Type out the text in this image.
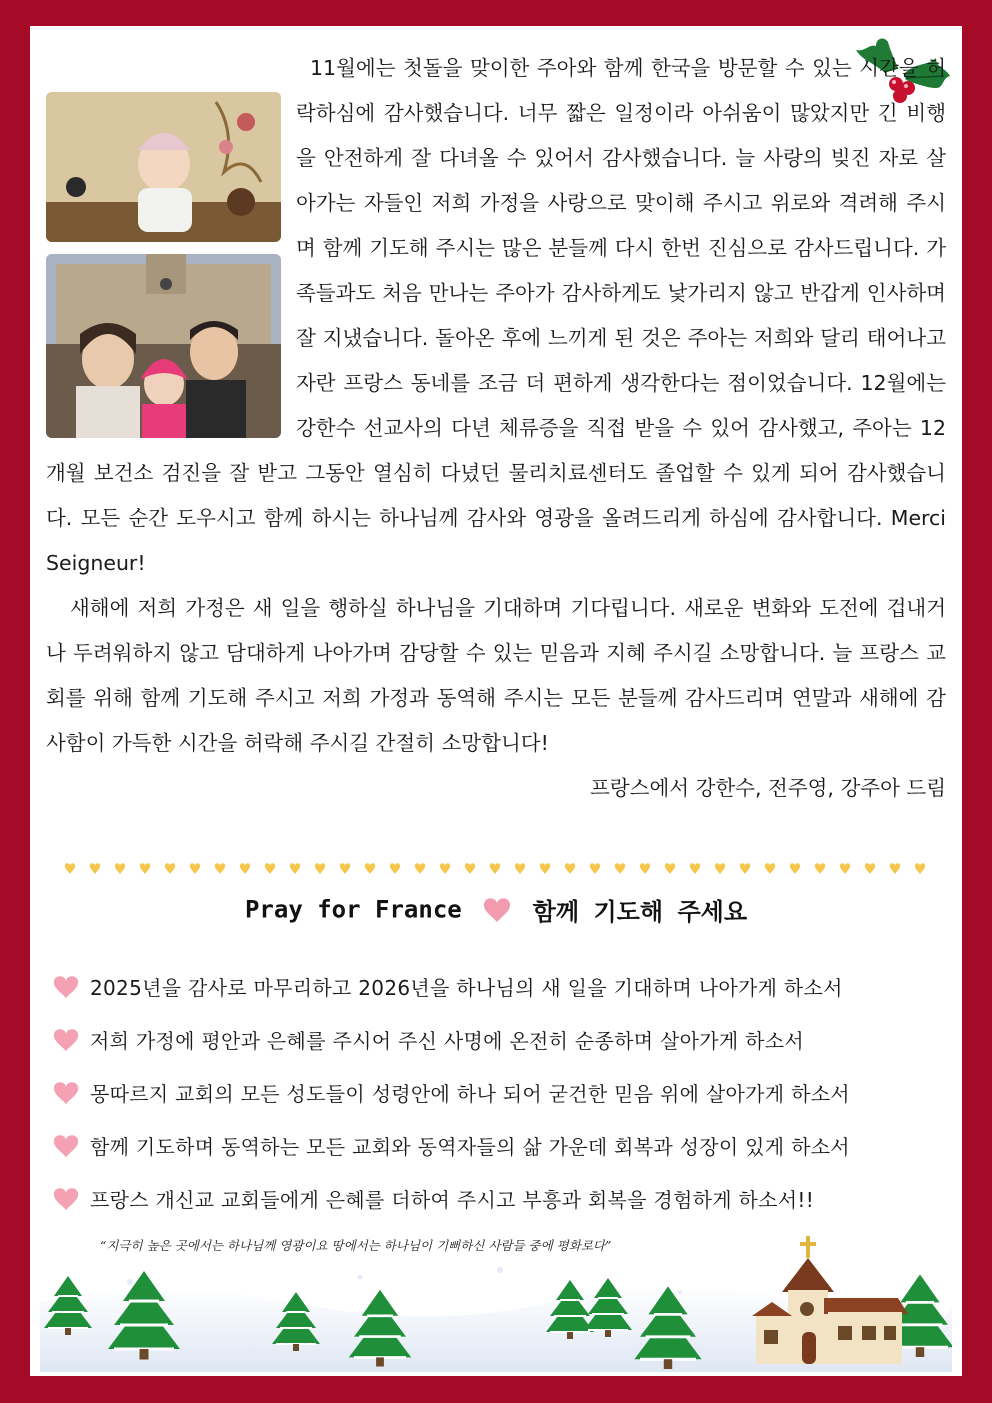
11월에는 첫돌을 맞이한 주아와 함께 한국을 방문할 수 있는 시간을 허락하심에 감사했습니다. 너무 짧은 일정이라 아쉬움이 많았지만 긴 비행을 안전하게 잘 다녀올 수 있어서 감사했습니다. 늘 사랑의 빚진 자로 살아가는 자들인 저희 가정을 사랑으로 맞이해 주시고 위로와 격려해 주시며 함께 기도해 주시는 많은 분들께 다시 한번 진심으로 감사드립니다. 가족들과도 처음 만나는 주아가 감사하게도 낯가리지 않고 반갑게 인사하며 잘 지냈습니다. 돌아온 후에 느끼게 된 것은 주아는 저희와 달리 태어나고 자란 프랑스 동네를 조금 더 편하게 생각한다는 점이었습니다. 12월에는 강한수 선교사의 다년 체류증을 직접 받을 수 있어 감사했고, 주아는 12개월 보건소 검진을 잘 받고 그동안 열심히 다녔던 물리치료센터도 졸업할 수 있게 되어 감사했습니다. 모든 순간 도우시고 함께 하시는 하나님께 감사와 영광을 올려드리게 하심에 감사합니다. Merci Seigneur!

새해에 저희 가정은 새 일을 행하실 하나님을 기대하며 기다립니다. 새로운 변화와 도전에 겁내거나 두려워하지 않고 담대하게 나아가며 감당할 수 있는 믿음과 지혜 주시길 소망합니다. 늘 프랑스 교회를 위해 함께 기도해 주시고 저희 가정과 동역해 주시는 모든 분들께 감사드리며 연말과 새해에 감사함이 가득한 시간을 허락해 주시길 간절히 소망합니다!

프랑스에서 강한수, 전주영, 강주아 드림

Pray for France	함께 기도해 주세요
2025년을 감사로 마무리하고 2026년을 하나님의 새 일을 기대하며 나아가게 하소서
저희 가정에 평안과 은혜를 주시어 주신 사명에 온전히 순종하며 살아가게 하소서
몽따르지 교회의 모든 성도들이 성령안에 하나 되어 굳건한 믿음 위에 살아가게 하소서
함께 기도하며 동역하는 모든 교회와 동역자들의 삶 가운데 회복과 성장이 있게 하소서
프랑스 개신교 교회들에게 은혜를 더하여 주시고 부흥과 회복을 경험하게 하소서!!
“지극히 높은 곳에서는 하나님께 영광이요 땅에서는 하나님이 기뻐하신 사람들 중에 평화로다”
